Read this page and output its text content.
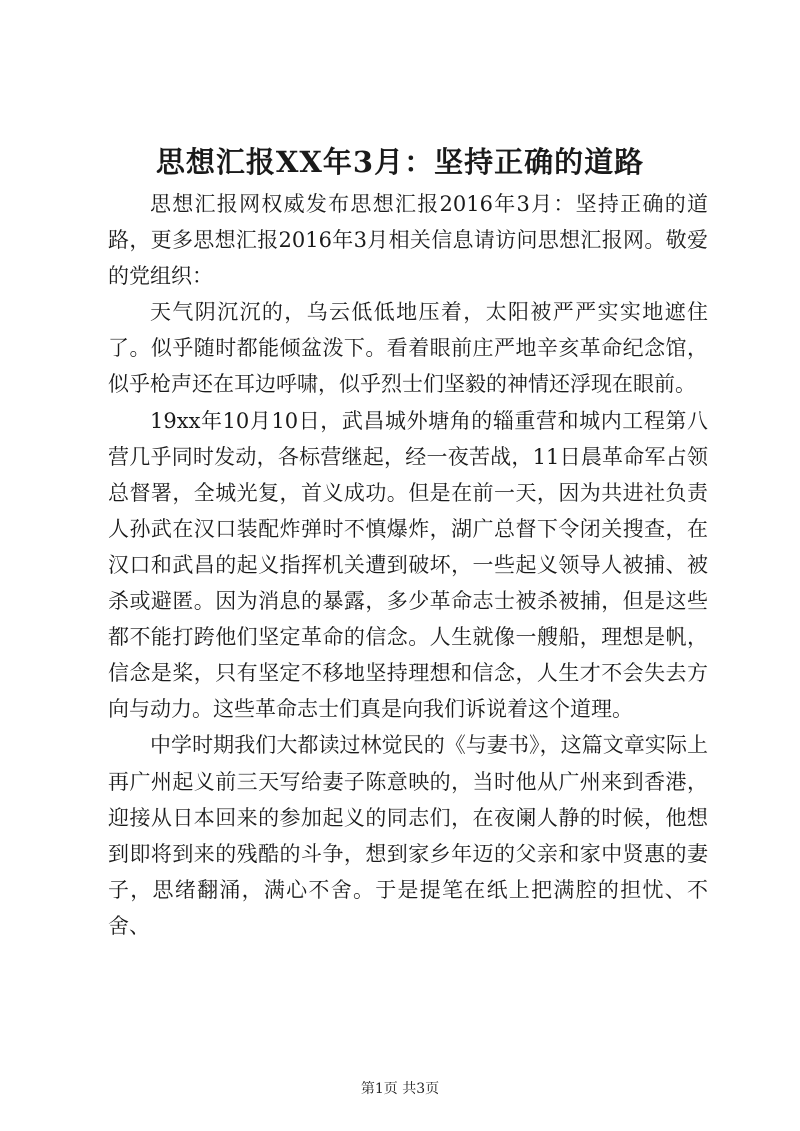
思想汇报XX年3月：坚持正确的道路

思想汇报网权威发布思想汇报2016年3月：坚持正确的道路，更多思想汇报2016年3月相关信息请访问思想汇报网。敬爱的党组织：

天气阴沉沉的，乌云低低地压着，太阳被严严实实地遮住了。似乎随时都能倾盆泼下。看着眼前庄严地辛亥革命纪念馆，似乎枪声还在耳边呼啸，似乎烈士们坚毅的神情还浮现在眼前。

19xx年10月10日，武昌城外塘角的辎重营和城内工程第八营几乎同时发动，各标营继起，经一夜苦战，11日晨革命军占领总督署，全城光复，首义成功。但是在前一天，因为共进社负责人孙武在汉口装配炸弹时不慎爆炸，湖广总督下令闭关搜查，在汉口和武昌的起义指挥机关遭到破坏，一些起义领导人被捕、被杀或避匿。因为消息的暴露，多少革命志士被杀被捕，但是这些都不能打跨他们坚定革命的信念。人生就像一艘船，理想是帆，信念是桨，只有坚定不移地坚持理想和信念，人生才不会失去方向与动力。这些革命志士们真是向我们诉说着这个道理。

中学时期我们大都读过林觉民的《与妻书》，这篇文章实际上再广州起义前三天写给妻子陈意映的，当时他从广州来到香港，迎接从日本回来的参加起义的同志们，在夜阑人静的时候，他想到即将到来的残酷的斗争，想到家乡年迈的父亲和家中贤惠的妻子，思绪翻涌，满心不舍。于是提笔在纸上把满腔的担忧、不舍、

第1页 共3页
